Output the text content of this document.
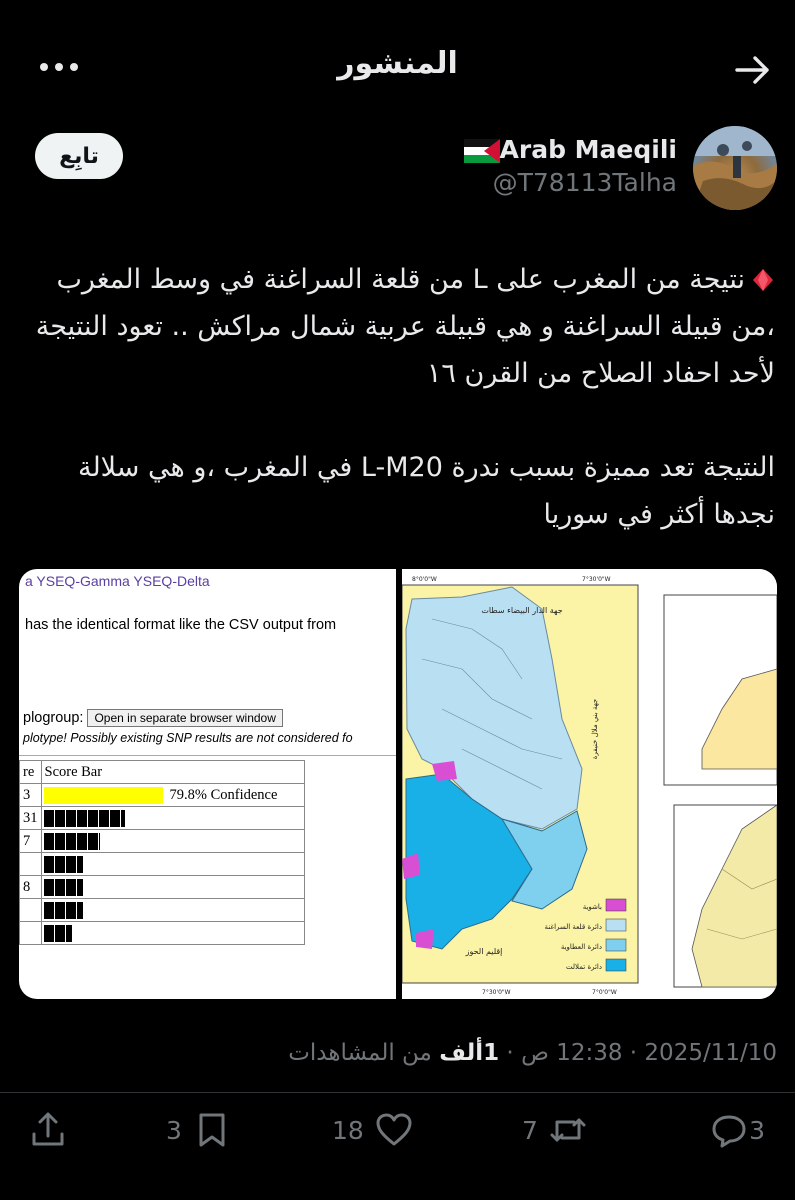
المنشور
تابِع	Arab Maeqili
@T78113Talha

نتيجة من المغرب على L من قلعة السراغنة في وسط المغرب ،من قبيلة السراغنة و هي قبيلة عربية شمال مراكش .. تعود النتيجة لأحد احفاد الصلاح من القرن ١٦

النتيجة تعد مميزة بسبب ندرة L-M20 في المغرب ،و هي سلالة نجدها أكثر في سوريا

a YSEQ-Gamma YSEQ-Delta
has the identical format like the CSV output from
plogroup: Open in separate browser window
plotype! Possibly existing SNP results are not considered fo
re	Score Bar
3	79.8% Confidence
31	

7	

8	

باشوية
دائرة قلعة السراغنة
دائرة العطاوية
دائرة تملالت
جهة الدار البيضاء سطات
جهة بني ملال خنيفرة
إقليم الحوز
8°0'0"W	7°30'0"W
7°30'0"W	7°0'0"W
2025/11/10 · 12:38 ص · 1ألف من المشاهدات
3
7
18
3
